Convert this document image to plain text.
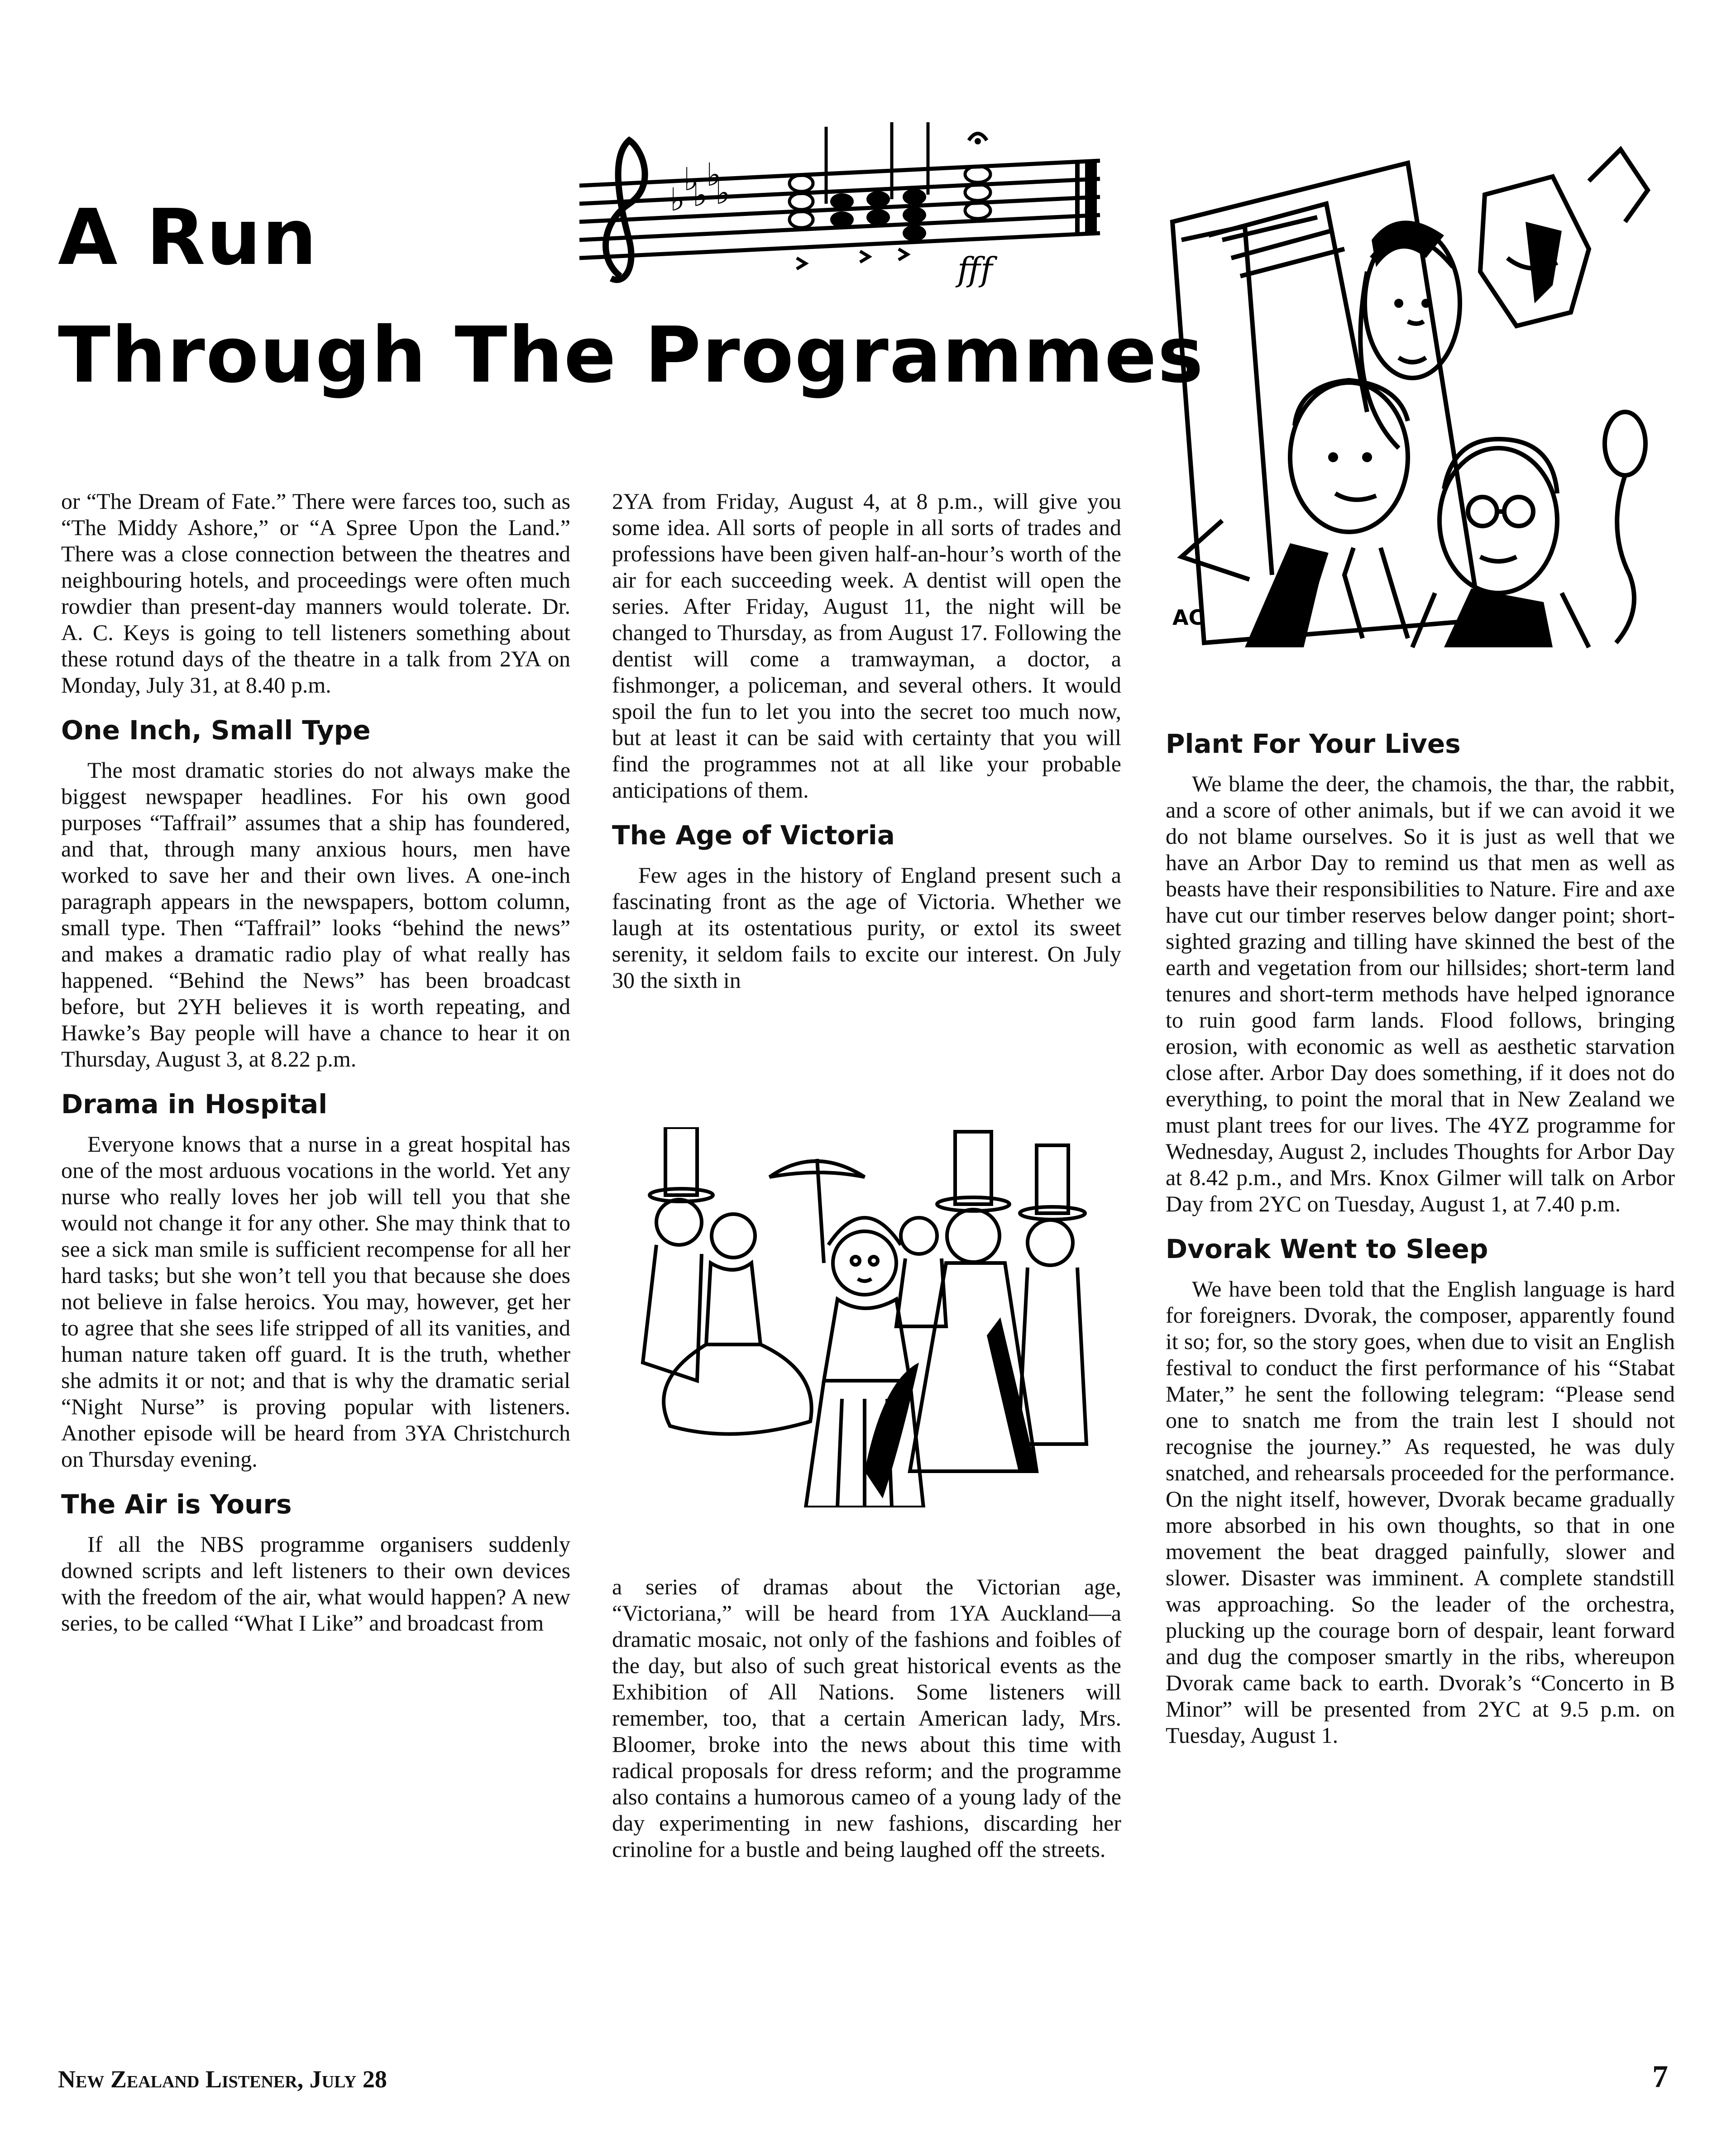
A Run
Through The Programmes
♭ ♭
♭ ♭ ♭
fff
AC

or “The Dream of Fate.” There were farces too, such as “The Middy Ashore,” or “A Spree Upon the Land.” There was a close connection between the theatres and neighbouring hotels, and proceedings were often much rowdier than present-day manners would tolerate. Dr. A. C. Keys is going to tell listeners something about these rotund days of the theatre in a talk from 2YA on Monday, July 31, at 8.40 p.m.

One Inch, Small Type

The most dramatic stories do not always make the biggest newspaper headlines. For his own good purposes “Taffrail” assumes that a ship has foundered, and that, through many anxious hours, men have worked to save her and their own lives. A one-inch paragraph appears in the newspapers, bottom column, small type. Then “Taffrail” looks “behind the news” and makes a dramatic radio play of what really has happened. “Behind the News” has been broadcast before, but 2YH believes it is worth repeating, and Hawke’s Bay people will have a chance to hear it on Thursday, August 3, at 8.22 p.m.

Drama in Hospital

Everyone knows that a nurse in a great hospital has one of the most arduous vocations in the world. Yet any nurse who really loves her job will tell you that she would not change it for any other. She may think that to see a sick man smile is sufficient recompense for all her hard tasks; but she won’t tell you that because she does not believe in false heroics. You may, however, get her to agree that she sees life stripped of all its vanities, and human nature taken off guard. It is the truth, whether she admits it or not; and that is why the dramatic serial “Night Nurse” is proving popular with listeners. Another episode will be heard from 3YA Christchurch on Thursday evening.

The Air is Yours

If all the NBS programme organisers suddenly downed scripts and left listeners to their own devices with the freedom of the air, what would happen? A new series, to be called “What I Like” and broadcast from

2YA from Friday, August 4, at 8 p.m., will give you some idea. All sorts of people in all sorts of trades and professions have been given half-an-hour’s worth of the air for each succeeding week. A dentist will open the series. After Friday, August 11, the night will be changed to Thursday, as from August 17. Following the dentist will come a tramwayman, a doctor, a fishmonger, a policeman, and several others. It would spoil the fun to let you into the secret too much now, but at least it can be said with certainty that you will find the programmes not at all like your probable anticipations of them.

The Age of Victoria

Few ages in the history of England present such a fascinating front as the age of Victoria. Whether we laugh at its ostentatious purity, or extol its sweet serenity, it seldom fails to excite our interest. On July 30 the sixth in

a series of dramas about the Victorian age, “Victoriana,” will be heard from 1YA Auckland—a dramatic mosaic, not only of the fashions and foibles of the day, but also of such great historical events as the Exhibition of All Nations. Some listeners will remember, too, that a certain American lady, Mrs. Bloomer, broke into the news about this time with radical proposals for dress reform; and the programme also contains a humorous cameo of a young lady of the day experimenting in new fashions, discarding her crinoline for a bustle and being laughed off the streets.

Plant For Your Lives

We blame the deer, the chamois, the thar, the rabbit, and a score of other animals, but if we can avoid it we do not blame ourselves. So it is just as well that we have an Arbor Day to remind us that men as well as beasts have their responsibilities to Nature. Fire and axe have cut our timber reserves below danger point; short-sighted grazing and tilling have skinned the best of the earth and vegetation from our hillsides; short-term land tenures and short-term methods have helped ignorance to ruin good farm lands. Flood follows, bringing erosion, with economic as well as aesthetic starvation close after. Arbor Day does something, if it does not do everything, to point the moral that in New Zealand we must plant trees for our lives. The 4YZ programme for Wednesday, August 2, includes Thoughts for Arbor Day at 8.42 p.m., and Mrs. Knox Gilmer will talk on Arbor Day from 2YC on Tuesday, August 1, at 7.40 p.m.

Dvorak Went to Sleep

We have been told that the English language is hard for foreigners. Dvorak, the composer, apparently found it so; for, so the story goes, when due to visit an English festival to conduct the first performance of his “Stabat Mater,” he sent the following telegram: “Please send one to snatch me from the train lest I should not recognise the journey.” As requested, he was duly snatched, and rehearsals proceeded for the performance. On the night itself, however, Dvorak became gradually more absorbed in his own thoughts, so that in one movement the beat dragged painfully, slower and slower. Disaster was imminent. A complete standstill was approaching. So the leader of the orchestra, plucking up the courage born of despair, leant forward and dug the composer smartly in the ribs, whereupon Dvorak came back to earth. Dvorak’s “Concerto in B Minor” will be presented from 2YC at 9.5 p.m. on Tuesday, August 1.

New Zealand Listener, July 28	7
